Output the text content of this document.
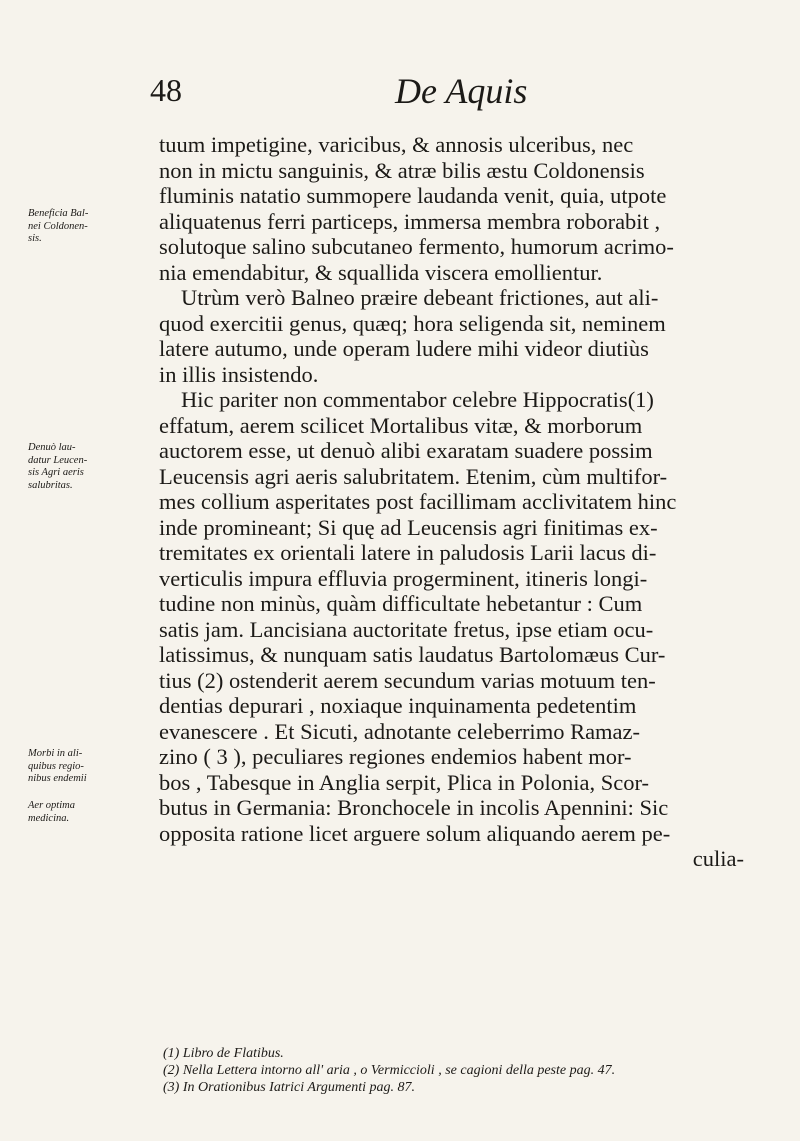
48	De Aquis
Beneficia Bal-
nei Coldonen-
sis.
Denuò lau-
datur Leucen-
sis Agri aeris
salubritas.
Morbi in ali-
quibus regio-
nibus endemii
Aer optima
medicina.
tuum impetigine, varicibus, & annosis ulceribus, nec
non in mictu sanguinis, & atræ bilis æstu Coldonensis
fluminis natatio summopere laudanda venit, quia, utpote
aliquatenus ferri particeps, immersa membra roborabit ,
solutoque salino subcutaneo fermento, humorum acrimo-
nia emendabitur, & squallida viscera emollientur.
Utrùm verò Balneo præire debeant frictiones, aut ali-
quod exercitii genus, quæq; hora seligenda sit, neminem
latere autumo, unde operam ludere mihi videor diutiùs
in illis insistendo.
Hic pariter non commentabor celebre Hippocratis(1)
effatum, aerem scilicet Mortalibus vitæ, & morborum
auctorem esse, ut denuò alibi exaratam suadere possim
Leucensis agri aeris salubritatem. Etenim, cùm multifor-
mes collium asperitates post facillimam acclivitatem hinc
inde promineant; Si quę ad Leucensis agri finitimas ex-
tremitates ex orientali latere in paludosis Larii lacus di-
verticulis impura effluvia progerminent, itineris longi-
tudine non minùs, quàm difficultate hebetantur : Cum
satis jam. Lancisiana auctoritate fretus, ipse etiam ocu-
latissimus, & nunquam satis laudatus Bartolomæus Cur-
tius (2) ostenderit aerem secundum varias motuum ten-
dentias depurari , noxiaque inquinamenta pedetentim
evanescere . Et Sicuti, adnotante celeberrimo Ramaz-
zino ( 3 ), peculiares regiones endemios habent mor-
bos , Tabesque in Anglia serpit, Plica in Polonia, Scor-
butus in Germania: Bronchocele in incolis Apennini: Sic
opposita ratione licet arguere solum aliquando aerem pe-
culia-
(1) Libro de Flatibus.
(2) Nella Lettera intorno all' aria , o Vermiccioli , se cagioni della peste pag. 47.
(3) In Orationibus Iatrici Argumenti pag. 87.
